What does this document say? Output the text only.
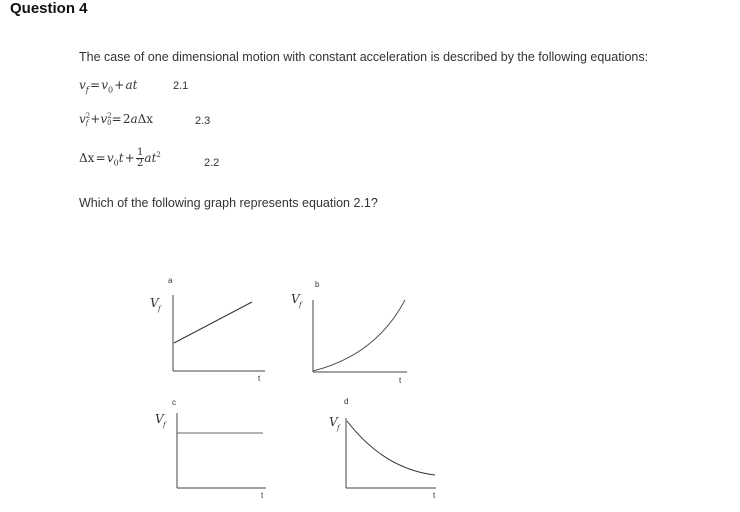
Question 4
The case of one dimensional motion with constant acceleration is described by the following equations:
$v_f$ = $v_0$ + at	2.1
v 2
f +v 2
0 = 2aΔx	2.3
Δx = $v_0t$ +  $\frac{1}{2} at^2$
2.2
Which of the following graph represents equation 2.1?
a
V f
t
b
V f
t
c
V f
t
d
V f
t
